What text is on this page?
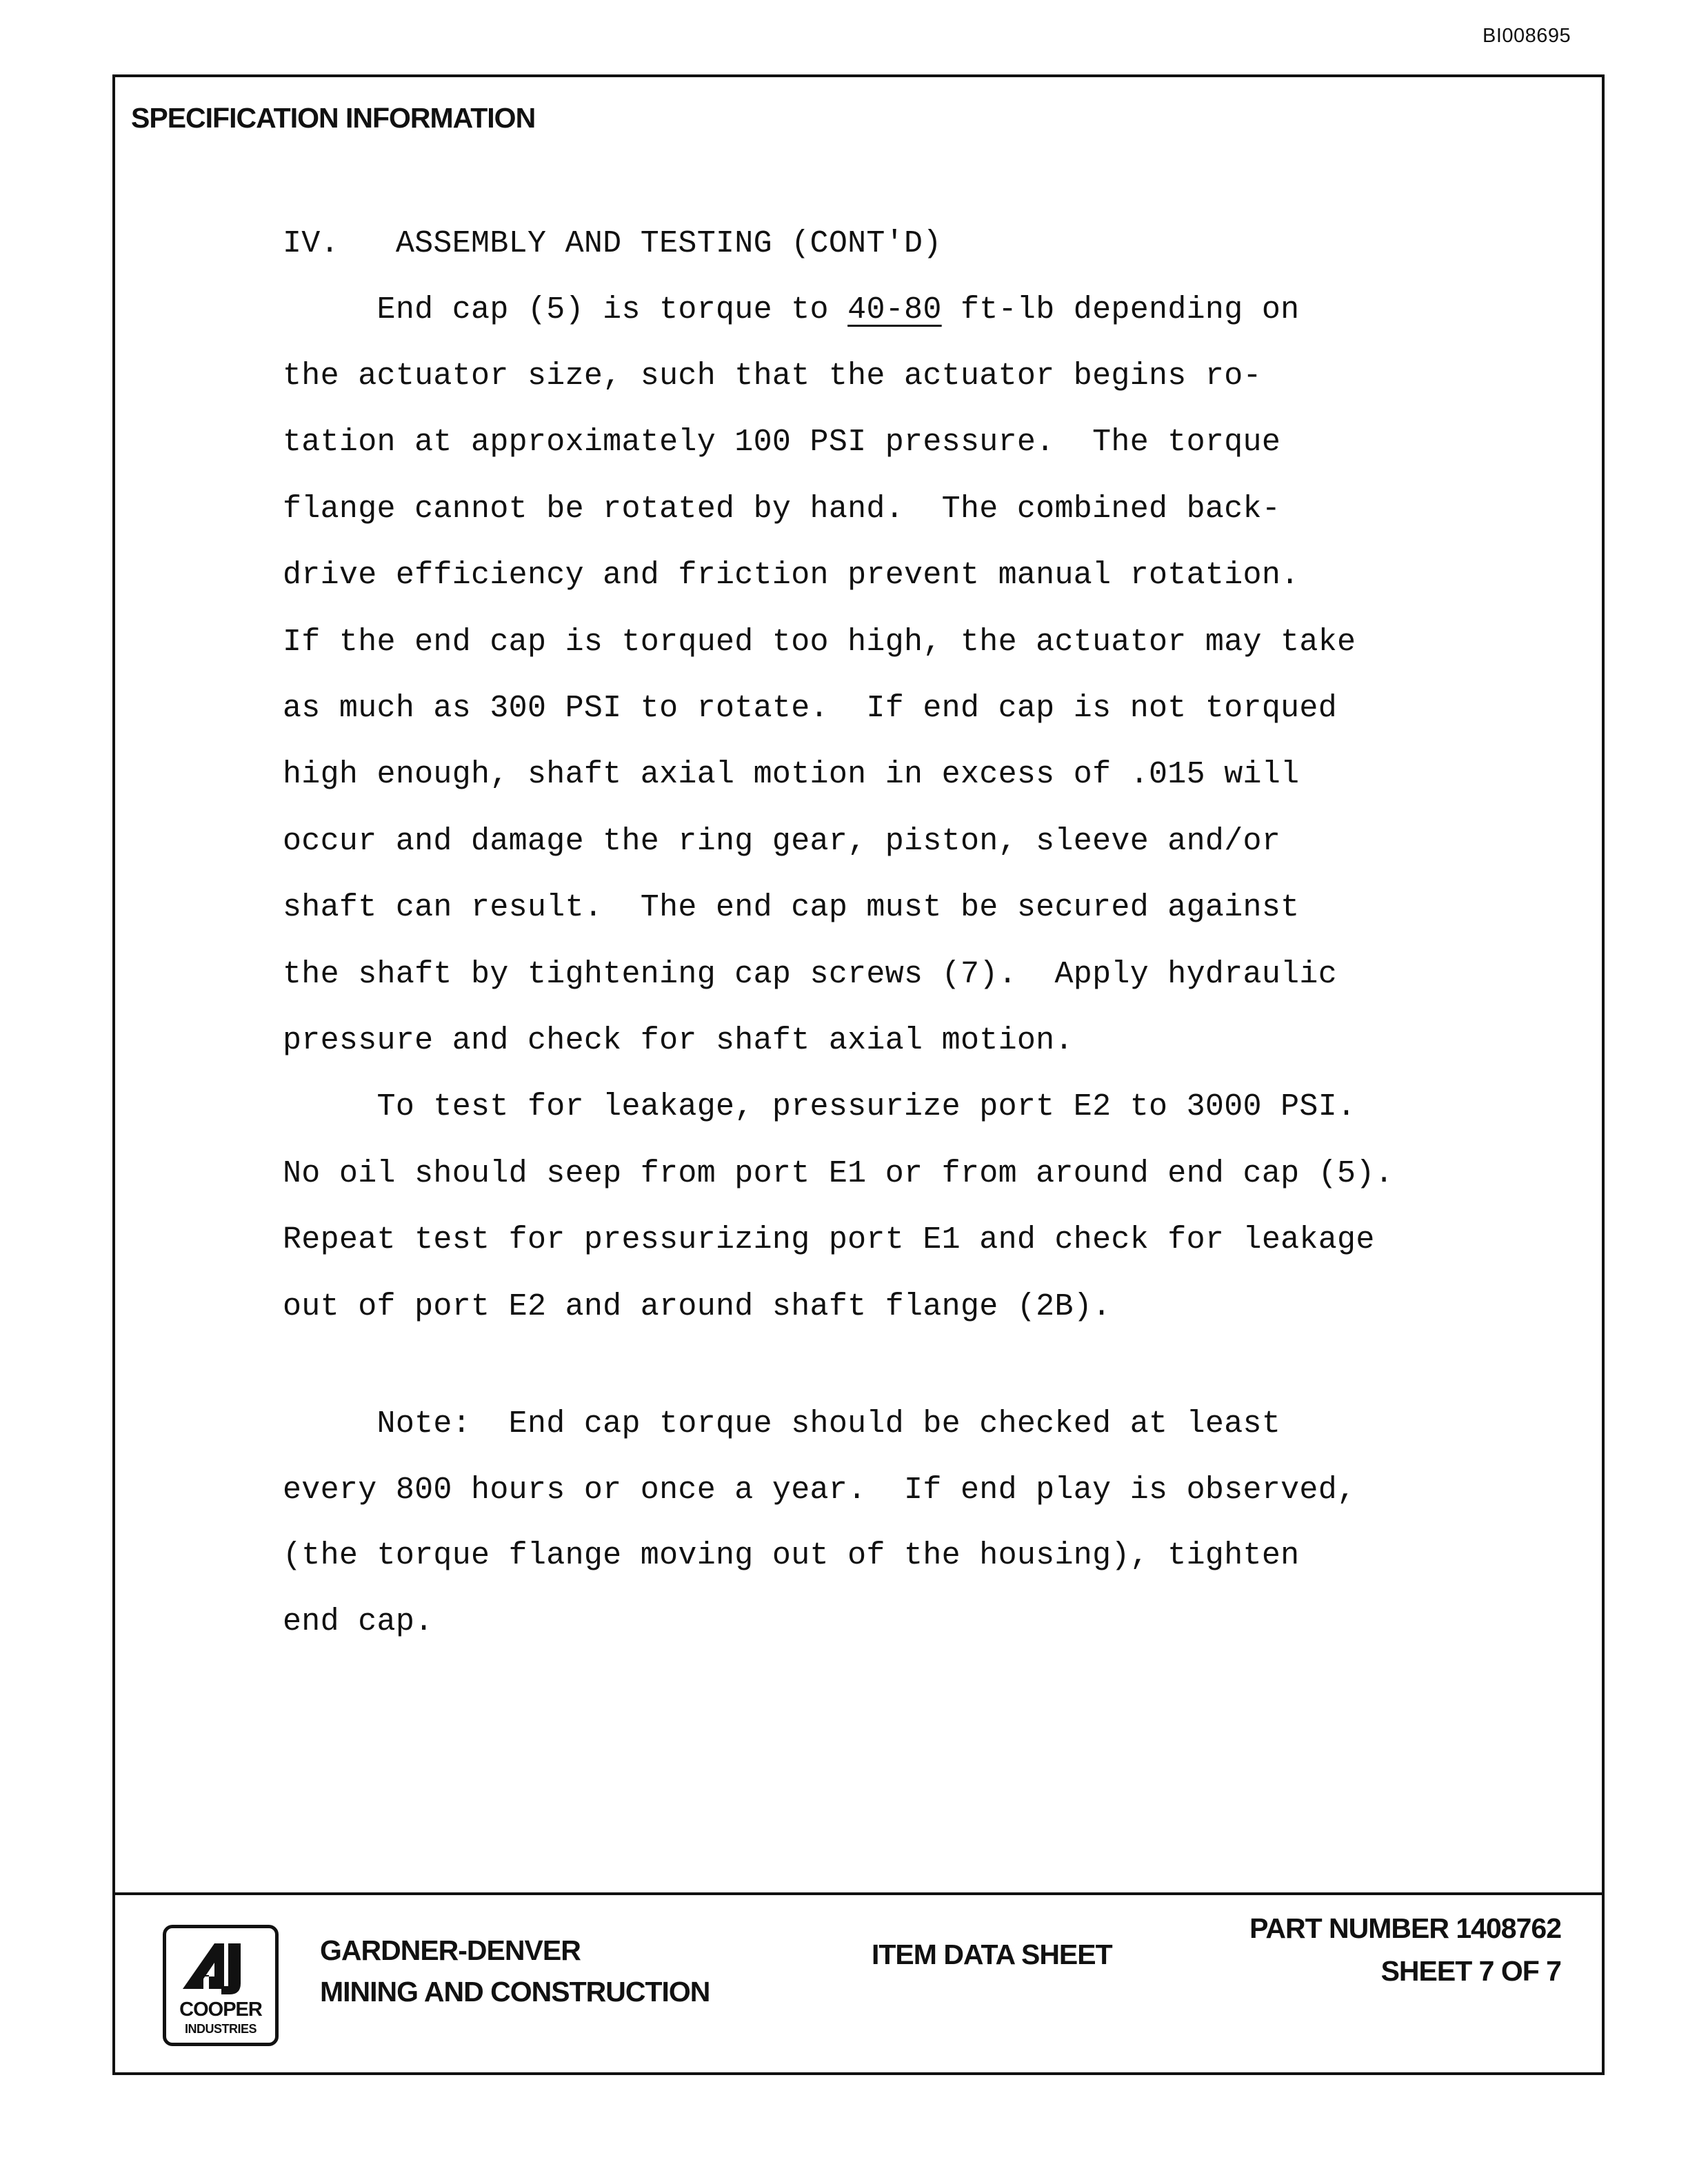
BI008695
SPECIFICATION INFORMATION
IV.   ASSEMBLY AND TESTING (CONT'D)
End cap (5) is torque to 40-80 ft-lb depending on
the actuator size, such that the actuator begins ro-
tation at approximately 100 PSI pressure.  The torque
flange cannot be rotated by hand.  The combined back-
drive efficiency and friction prevent manual rotation.
If the end cap is torqued too high, the actuator may take
as much as 300 PSI to rotate.  If end cap is not torqued
high enough, shaft axial motion in excess of .015 will
occur and damage the ring gear, piston, sleeve and/or
shaft can result.  The end cap must be secured against
the shaft by tightening cap screws (7).  Apply hydraulic
pressure and check for shaft axial motion.
To test for leakage, pressurize port E2 to 3000 PSI.
No oil should seep from port E1 or from around end cap (5).
Repeat test for pressurizing port E1 and check for leakage
out of port E2 and around shaft flange (2B).
Note:  End cap torque should be checked at least
every 800 hours or once a year.  If end play is observed,
(the torque flange moving out of the housing), tighten
end cap.
COOPER
INDUSTRIES
GARDNER-DENVER
MINING AND CONSTRUCTION
ITEM DATA SHEET
PART NUMBER 1408762
SHEET 7 OF 7
